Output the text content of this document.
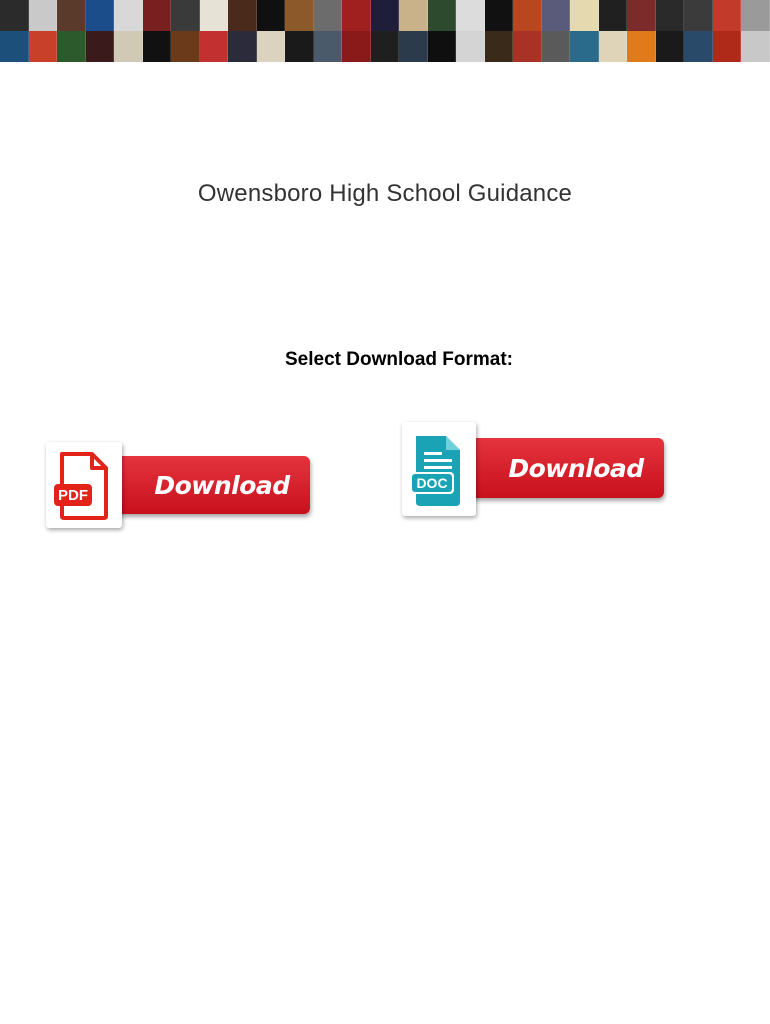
Owensboro High School Guidance
Select Download Format:
PDF	Download	DOC
Download
